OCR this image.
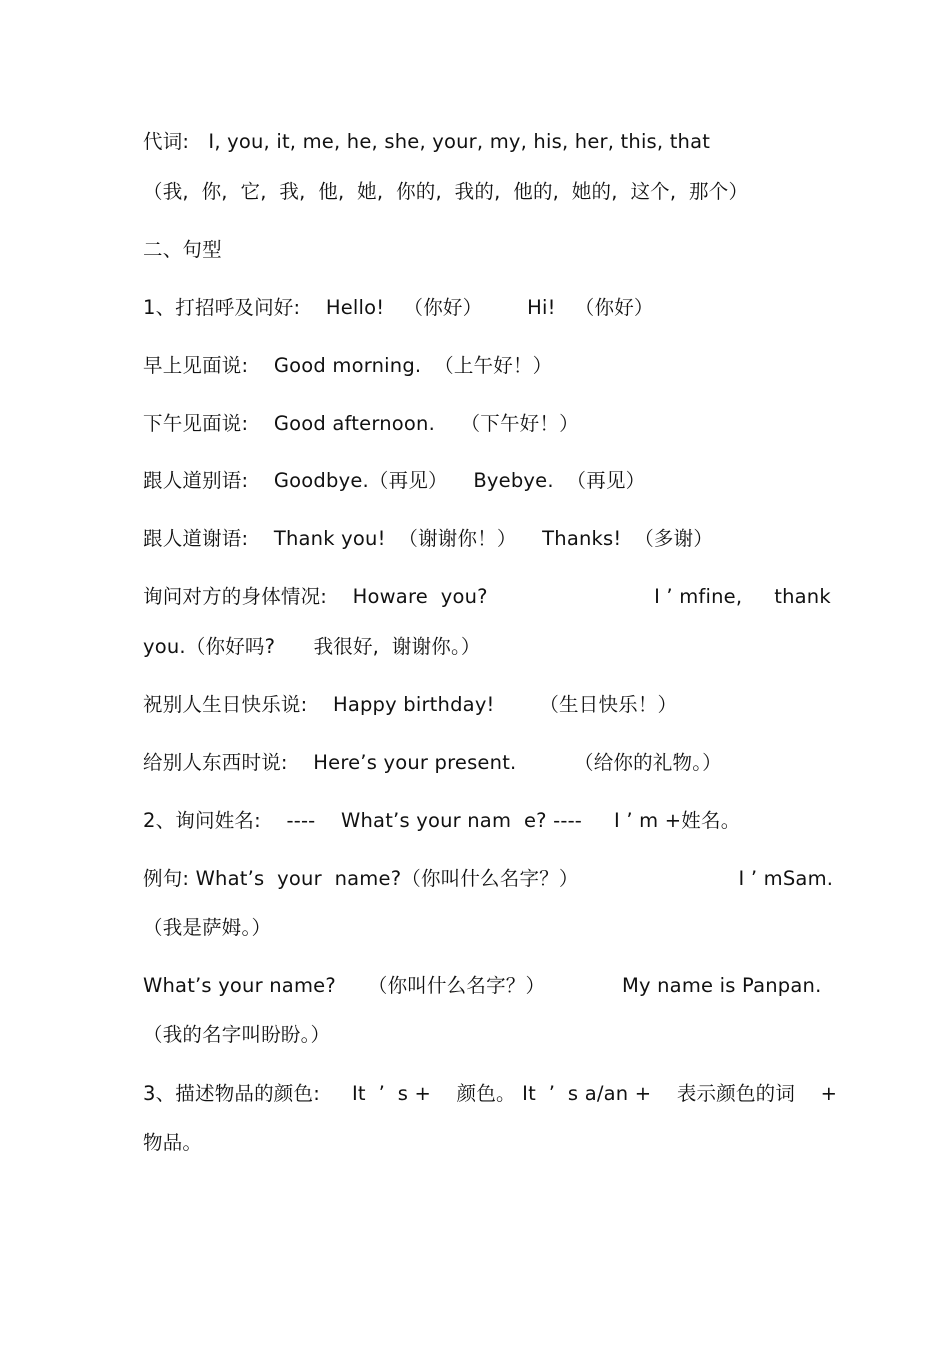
代词:   I, you, it, me, he, she, your, my, his, her, this, that
（我,  你,  它,  我,  他,  她,  你的,  我的,  他的,  她的,  这个,  那个）
二、句型
1、打招呼及问好:    Hello!   （你好）       Hi!   （你好）
早上见面说:    Good morning.  （上午好！）
下午见面说:    Good afternoon.    （下午好！）
跟人道别语:    Goodbye.（再见）    Byebye.  （再见）
跟人道谢语:    Thank you!  （谢谢你！）    Thanks!  （多谢）
询问对方的身体情况:    Howare  you?                          I ’ mfine,     thank
you.（你好吗?      我很好,  谢谢你。）
祝别人生日快乐说:    Happy birthday!       （生日快乐！）
给别人东西时说:    Here’s your present.         （给你的礼物。）
2、询问姓名:    ----    What’s your nam  e? ----     I ’ m +姓名。
例句: What’s  your  name?（你叫什么名字？）                         I ’ mSam.
（我是萨姆。）
What’s your name?     （你叫什么名字？）            My name is Panpan.
（我的名字叫盼盼。）
3、描述物品的颜色:     It  ’  s +    颜色。 It  ’  s a/an +    表示颜色的词    +
物品。
